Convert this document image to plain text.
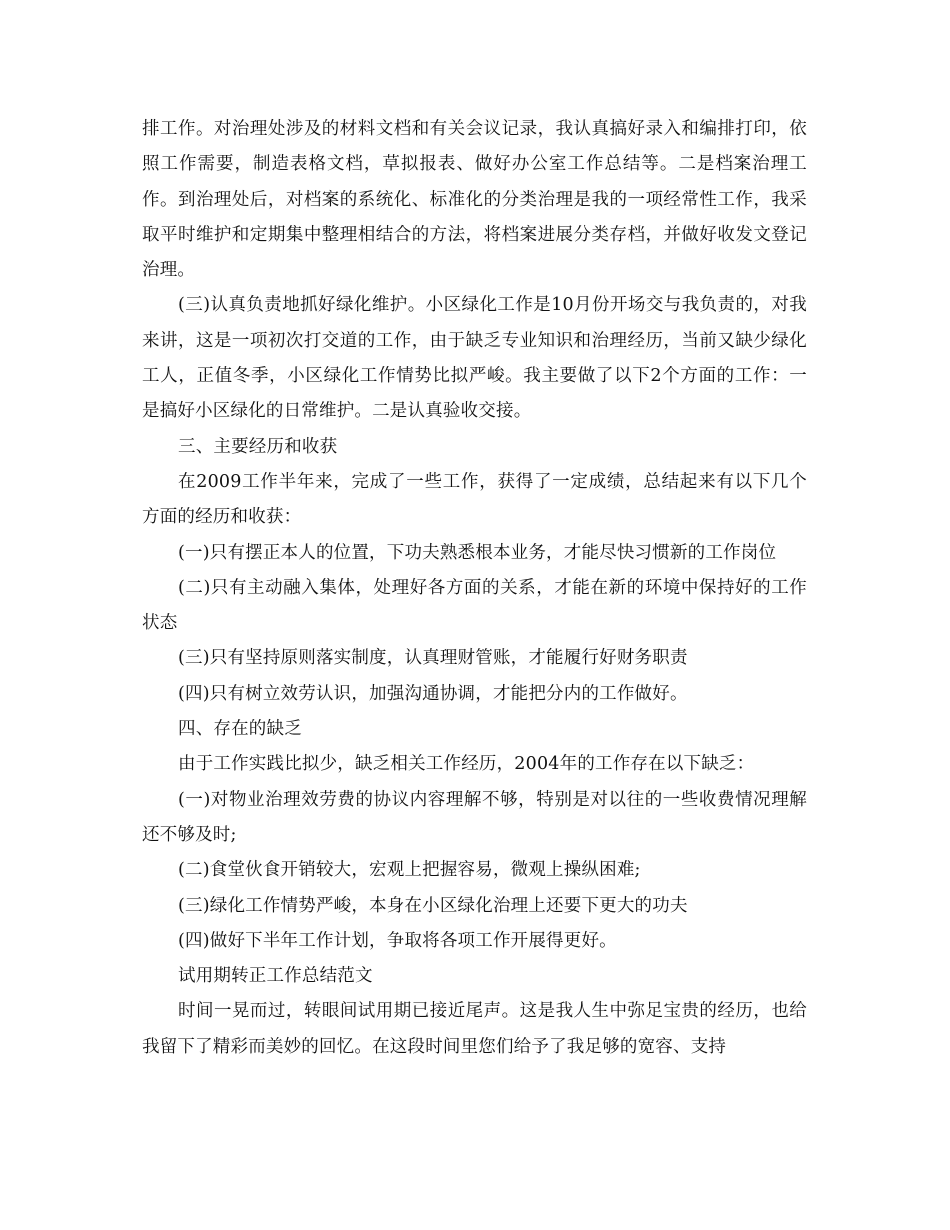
排工作。对治理处涉及的材料文档和有关会议记录，我认真搞好录入和编排打印，依照工作需要，制造表格文档，草拟报表、做好办公室工作总结等。二是档案治理工作。到治理处后，对档案的系统化、标准化的分类治理是我的一项经常性工作，我采取平时维护和定期集中整理相结合的方法，将档案进展分类存档，并做好收发文登记治理。

(三)认真负责地抓好绿化维护。小区绿化工作是10月份开场交与我负责的，对我来讲，这是一项初次打交道的工作，由于缺乏专业知识和治理经历，当前又缺少绿化工人，正值冬季，小区绿化工作情势比拟严峻。我主要做了以下2个方面的工作：一是搞好小区绿化的日常维护。二是认真验收交接。

三、主要经历和收获

在2009工作半年来，完成了一些工作，获得了一定成绩，总结起来有以下几个方面的经历和收获：

(一)只有摆正本人的位置，下功夫熟悉根本业务，才能尽快习惯新的工作岗位

(二)只有主动融入集体，处理好各方面的关系，才能在新的环境中保持好的工作状态

(三)只有坚持原则落实制度，认真理财管账，才能履行好财务职责

(四)只有树立效劳认识，加强沟通协调，才能把分内的工作做好。

四、存在的缺乏

由于工作实践比拟少，缺乏相关工作经历，2004年的工作存在以下缺乏：

(一)对物业治理效劳费的协议内容理解不够，特别是对以往的一些收费情况理解还不够及时;

(二)食堂伙食开销较大，宏观上把握容易，微观上操纵困难;

(三)绿化工作情势严峻，本身在小区绿化治理上还要下更大的功夫

(四)做好下半年工作计划，争取将各项工作开展得更好。

试用期转正工作总结范文

时间一晃而过，转眼间试用期已接近尾声。这是我人生中弥足宝贵的经历，也给我留下了精彩而美妙的回忆。在这段时间里您们给予了我足够的宽容、支持
